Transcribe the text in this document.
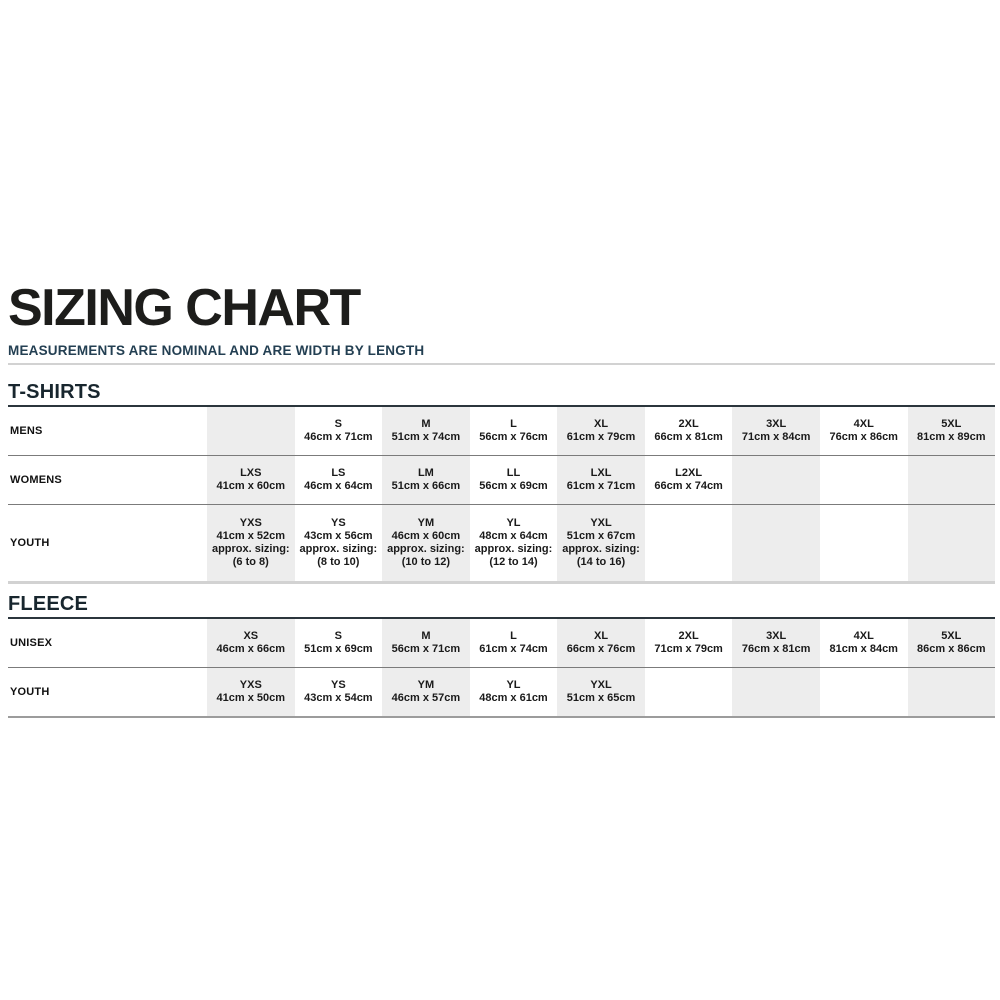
SIZING CHART
MEASUREMENTS ARE NOMINAL AND ARE WIDTH BY LENGTH
T-SHIRTS
MENS
S
46cm x 71cm
M
51cm x 74cm
L
56cm x 76cm
XL
61cm x 79cm
2XL
66cm x 81cm
3XL
71cm x 84cm
4XL
76cm x 86cm
5XL
81cm x 89cm
WOMENS
LXS
41cm x 60cm
LS
46cm x 64cm
LM
51cm x 66cm
LL
56cm x 69cm
LXL
61cm x 71cm
L2XL
66cm x 74cm
YOUTH
YXS
41cm x 52cm
approx. sizing:
(6 to 8)
YS
43cm x 56cm
approx. sizing:
(8 to 10)
YM
46cm x 60cm
approx. sizing:
(10 to 12)
YL
48cm x 64cm
approx. sizing:
(12 to 14)
YXL
51cm x 67cm
approx. sizing:
(14 to 16)
FLEECE
UNISEX
XS
46cm x 66cm
S
51cm x 69cm
M
56cm x 71cm
L
61cm x 74cm
XL
66cm x 76cm
2XL
71cm x 79cm
3XL
76cm x 81cm
4XL
81cm x 84cm
5XL
86cm x 86cm
YOUTH
YXS
41cm x 50cm
YS
43cm x 54cm
YM
46cm x 57cm
YL
48cm x 61cm
YXL
51cm x 65cm
